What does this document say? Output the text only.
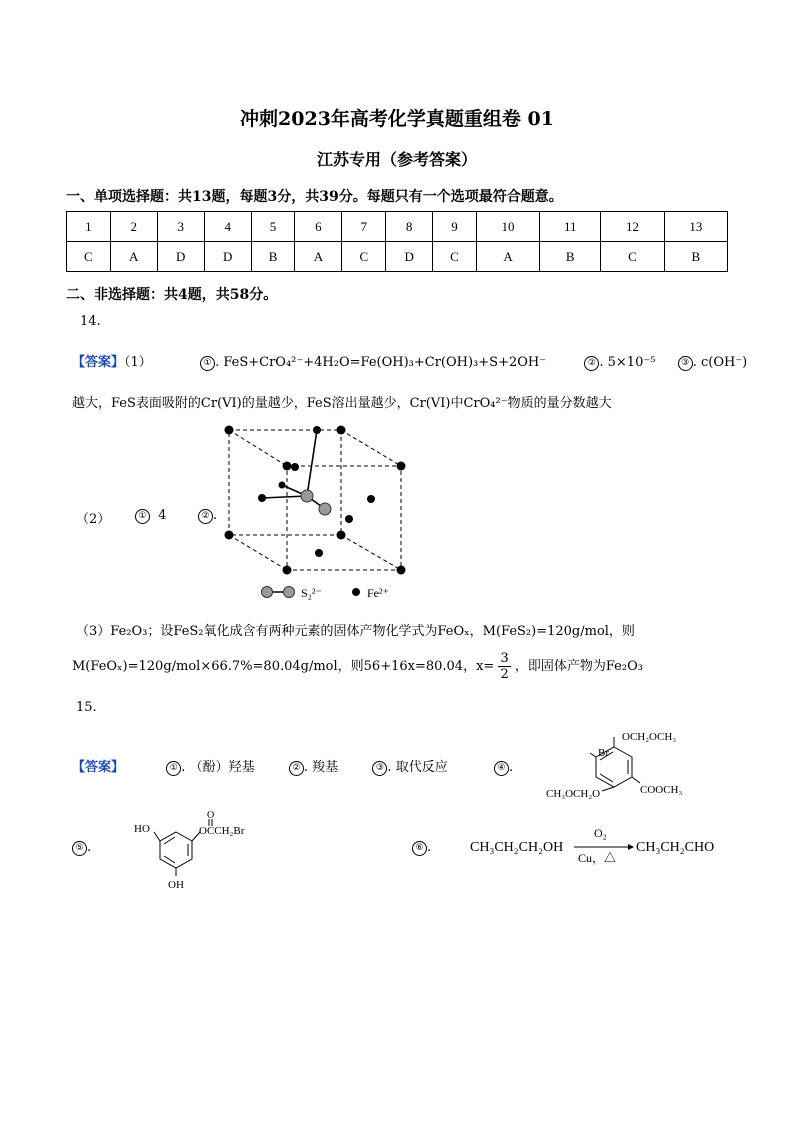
冲刺2023年高考化学真题重组卷 01
江苏专用（参考答案）
一、单项选择题：共13题，每题3分，共39分。每题只有一个选项最符合题意。
1	2	3	4	5	6	7	8	9	10	11	12	13
C	A	D	D	B	A	C	D	C	A	B	C	B
二、非选择题：共4题，共58分。
14.
【答案】（1）	① . FeS+CrO₄²⁻+4H₂O=Fe(OH)₃+Cr(OH)₃+S+2OH⁻	② . 5×10⁻⁵	③ . c(OH⁻)
越大，FeS表面吸附的Cr(VI)的量越少，FeS溶出量越少，Cr(VI)中CrO₄²⁻物质的量分数越大
（2）	① 4	② .
S₂²⁻	Fe²⁺
（3）Fe₂O₃；设FeS₂氧化成含有两种元素的固体产物化学式为FeOₓ，M(FeS₂)=120g/mol，则
M(FeOₓ)=120g/mol×66.7%=80.04g/mol，则56+16x=80.04，$x= \frac{3}{2}$ ，即固体产物为Fe₂O₃
15.
【答案】	① . （酚）羟基	② . 羧基	③ . 取代反应	④ .
OCH₂OCH₃
Br
CH₃OCH₂O	COOCH₃
⑤ .
HO	OCCH₂Br
O
OH
⑥ .	CH₃CH₂CH₂OH
O₂
Cu，△
CH₃CH₂CHO
